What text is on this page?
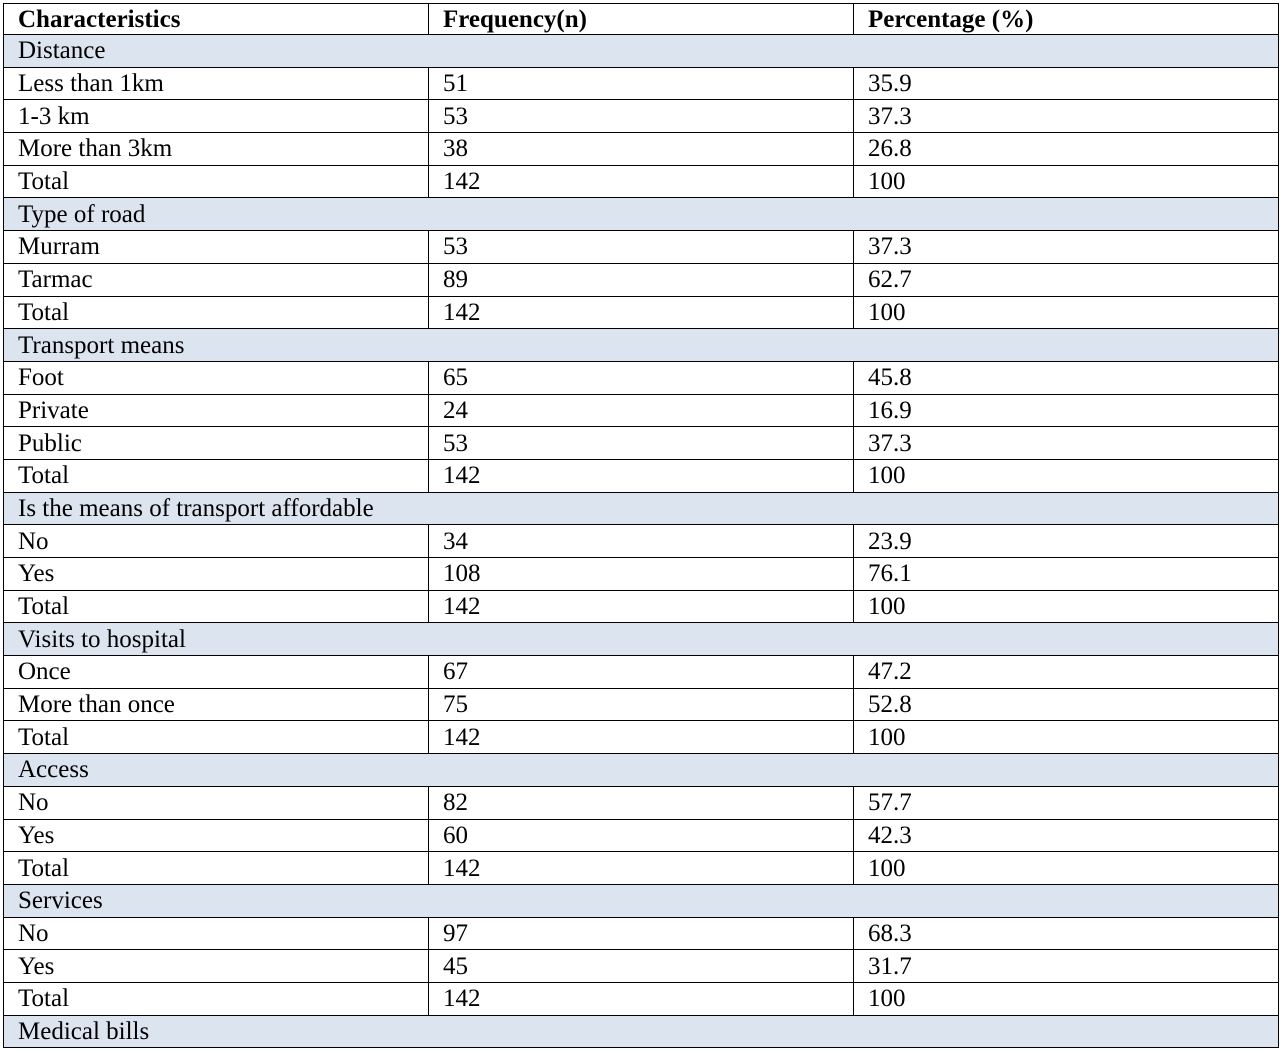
Characteristics	Frequency(n)	Percentage (%)
Distance		
Less than 1km	51	35.9
1-3 km	53	37.3
More than 3km	38	26.8
Total	142	100
Type of road		
Murram	53	37.3
Tarmac	89	62.7
Total	142	100
Transport means		
Foot	65	45.8
Private	24	16.9
Public	53	37.3
Total	142	100
Is the means of transport affordable		
No	34	23.9
Yes	108	76.1
Total	142	100
Visits to hospital		
Once	67	47.2
More than once	75	52.8
Total	142	100
Access		
No	82	57.7
Yes	60	42.3
Total	142	100
Services		
No	97	68.3
Yes	45	31.7
Total	142	100
Medical bills		
